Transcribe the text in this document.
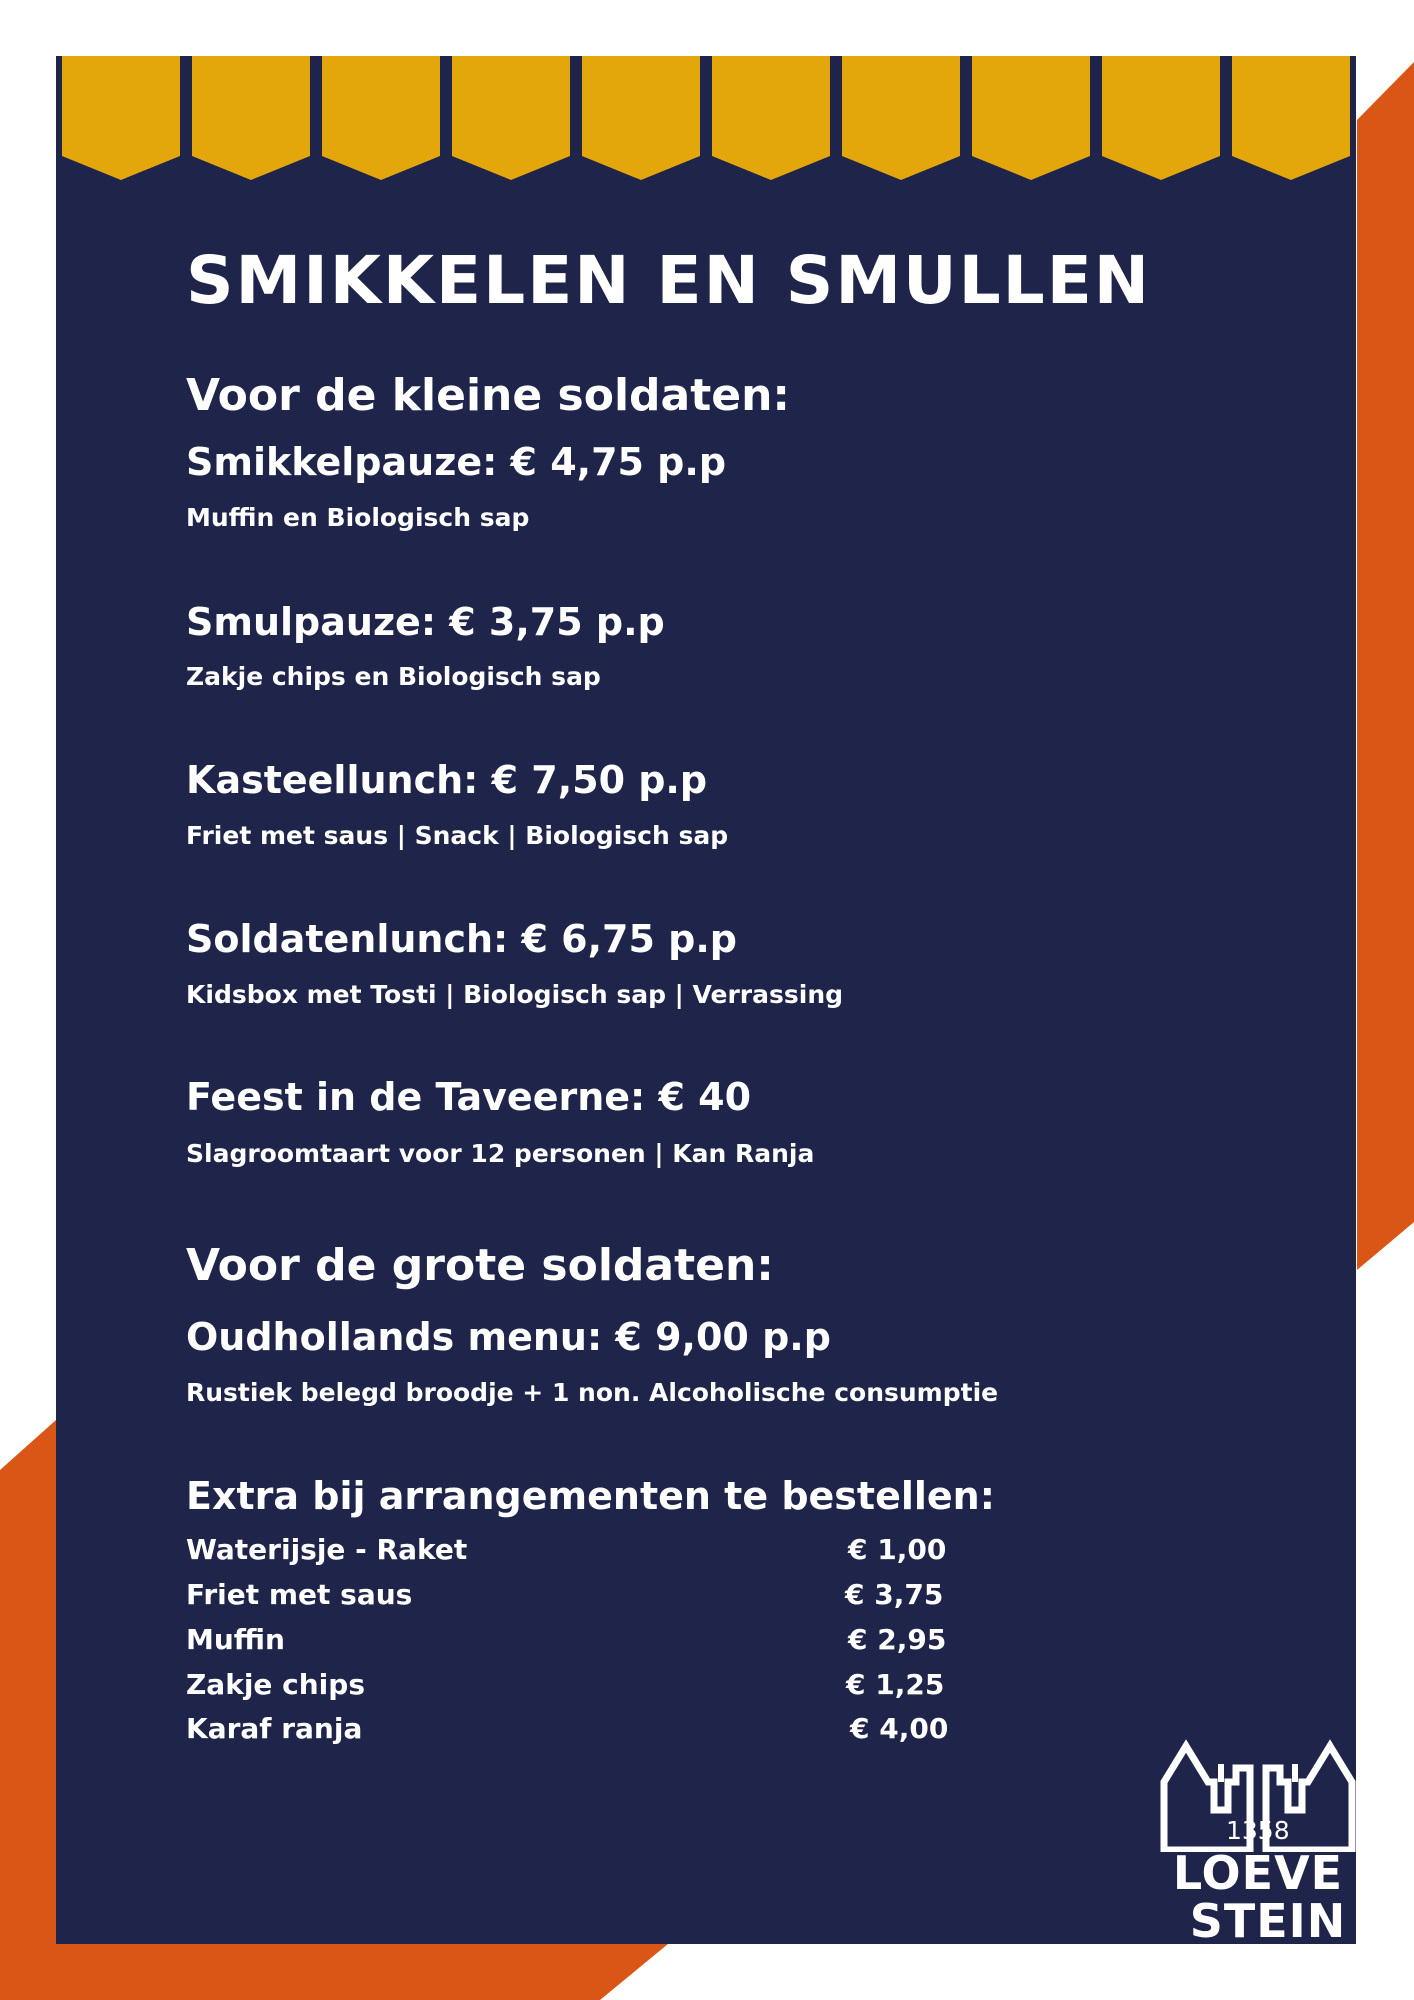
SMIKKELEN EN SMULLEN
Voor de kleine soldaten:
Smikkelpauze: € 4,75 p.p
Muffin en Biologisch sap
Smulpauze: € 3,75 p.p
Zakje chips en Biologisch sap
Kasteellunch: € 7,50 p.p
Friet met saus | Snack | Biologisch sap
Soldatenlunch: € 6,75 p.p
Kidsbox met Tosti | Biologisch sap | Verrassing
Feest in de Taveerne: € 40
Slagroomtaart voor 12 personen | Kan Ranja
Voor de grote soldaten:
Oudhollands menu: € 9,00 p.p
Rustiek belegd broodje + 1 non. Alcoholische consumptie
Extra bij arrangementen te bestellen:
Waterijsje - Raket	€ 1,00
Friet met saus	€ 3,75
Muffin	€ 2,95
Zakje chips	€ 1,25
Karaf ranja	€ 4,00
1358
LOEVE
STEIN
